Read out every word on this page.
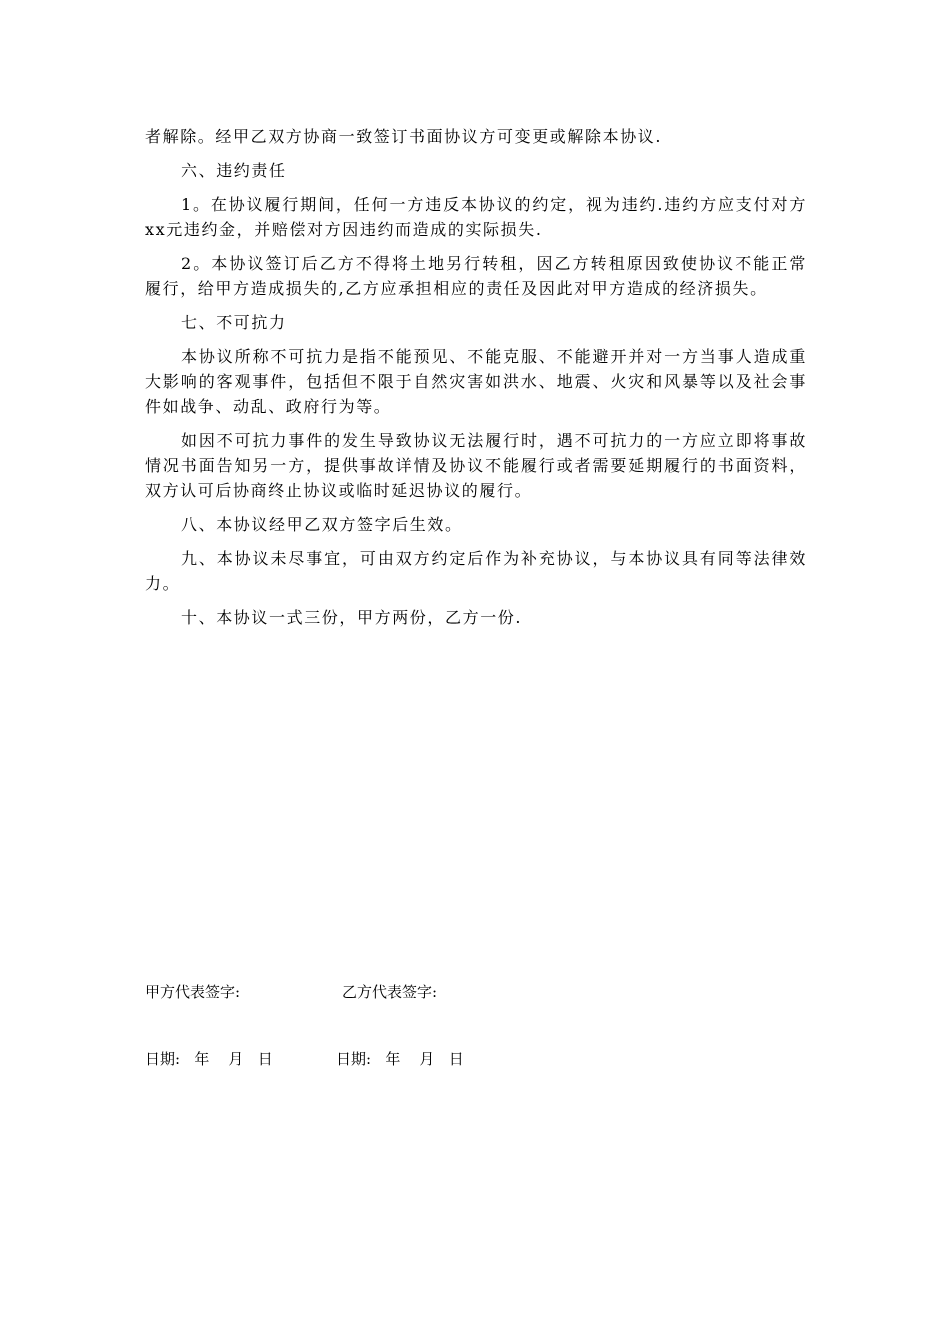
者解除。经甲乙双方协商一致签订书面协议方可变更或解除本协议.

六、违约责任

1。在协议履行期间，任何一方违反本协议的约定，视为违约.违约方应支付对方xx元违约金，并赔偿对方因违约而造成的实际损失.

2。本协议签订后乙方不得将土地另行转租，因乙方转租原因致使协议不能正常履行，给甲方造成损失的,乙方应承担相应的责任及因此对甲方造成的经济损失。

七、不可抗力

本协议所称不可抗力是指不能预见、不能克服、不能避开并对一方当事人造成重大影响的客观事件，包括但不限于自然灾害如洪水、地震、火灾和风暴等以及社会事件如战争、动乱、政府行为等。

如因不可抗力事件的发生导致协议无法履行时，遇不可抗力的一方应立即将事故情况书面告知另一方，提供事故详情及协议不能履行或者需要延期履行的书面资料，双方认可后协商终止协议或临时延迟协议的履行。

八、本协议经甲乙双方签字后生效。

九、本协议未尽事宜，可由双方约定后作为补充协议，与本协议具有同等法律效力。

十、本协议一式三份，甲方两份，乙方一份.

甲方代表签字:	乙方代表签字:
日期:   年    月   日	日期:   年    月   日
